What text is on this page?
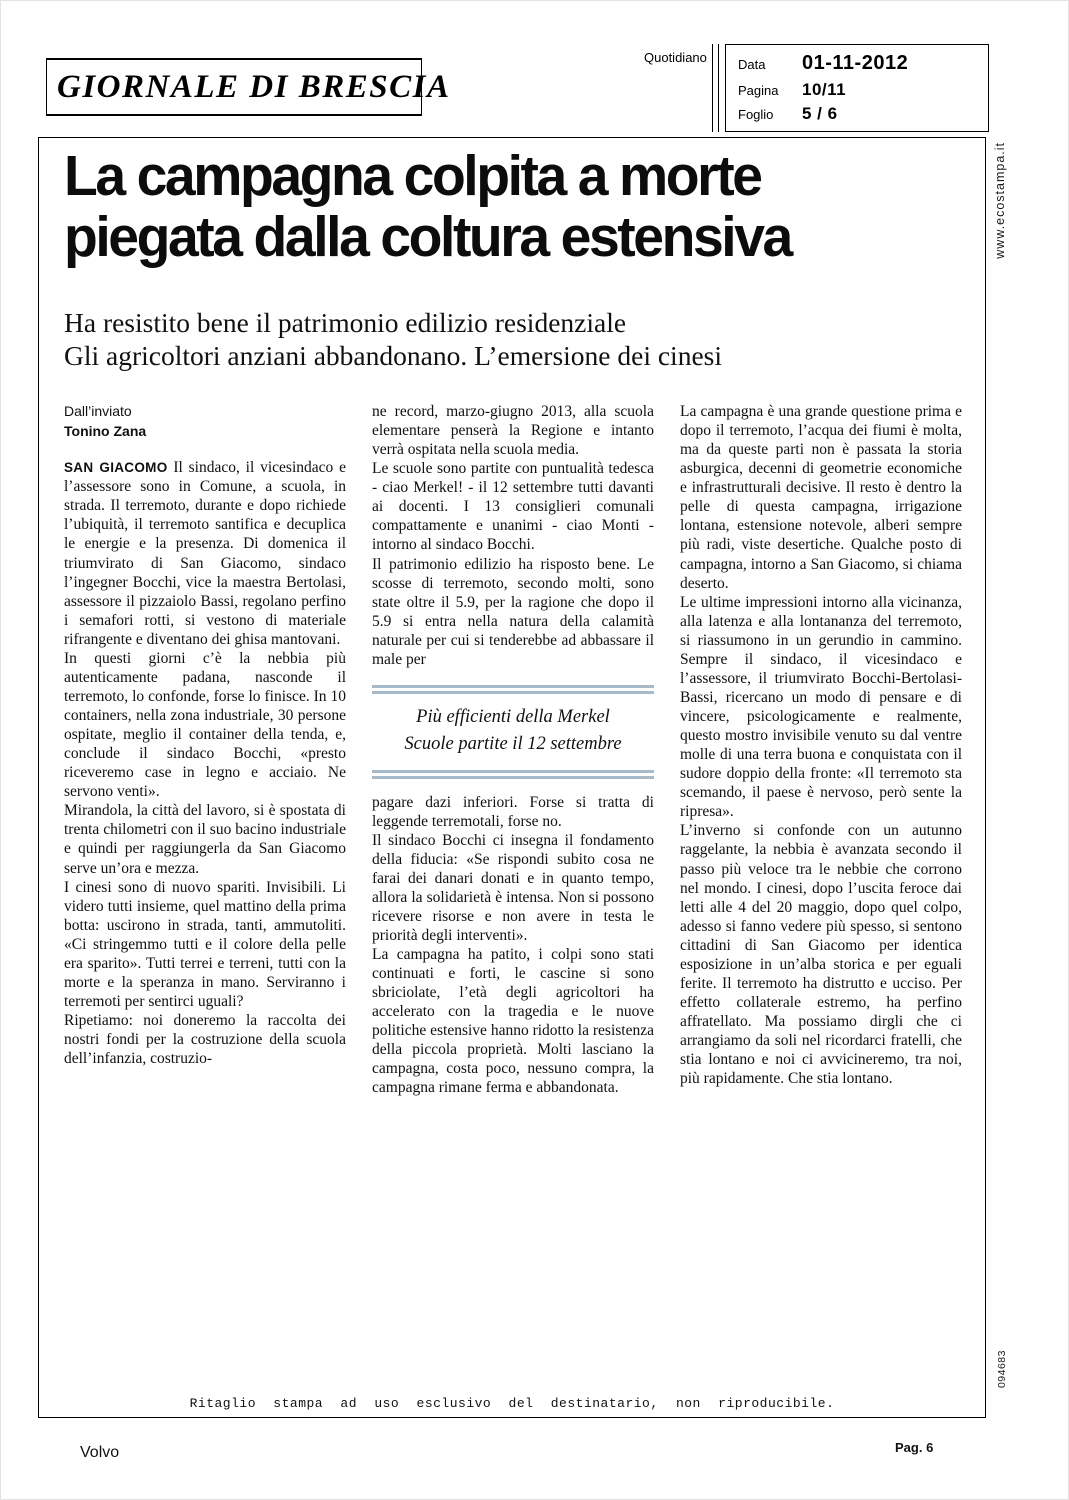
GIORNALE DI BRESCIA
Quotidiano Data	01-11-2012
Pagina	10/11
Foglio	5 / 6
www.ecostampa.it
094683
La campagna colpita a morte
piegata dalla coltura estensiva
Ha resistito bene il patrimonio edilizio residenziale
Gli agricoltori anziani abbandonano. L’emersione dei cinesi
Dall’inviato
Tonino Zana

SAN GIACOMO Il sindaco, il vicesindaco e l’assessore sono in Comune, a scuola, in strada. Il terremoto, durante e dopo richiede l’ubiquità, il terremoto santifica e decuplica le energie e la presenza. Di domenica il triumvirato di San Giacomo, sindaco l’ingegner Bocchi, vice la maestra Bertolasi, assessore il pizzaiolo Bassi, regolano perfino i semafori rotti, si vestono di materiale rifrangente e diventano dei ghisa mantovani.

In questi giorni c’è la nebbia più autenticamente padana, nasconde il terremoto, lo confonde, forse lo finisce. In 10 containers, nella zona industriale, 30 persone ospitate, meglio il container della tenda, e, conclude il sindaco Bocchi, «presto riceveremo case in legno e acciaio. Ne servono venti».

Mirandola, la città del lavoro, si è spostata di trenta chilometri con il suo bacino industriale e quindi per raggiungerla da San Giacomo serve un’ora e mezza.

I cinesi sono di nuovo spariti. Invisibili. Li videro tutti insieme, quel mattino della prima botta: uscirono in strada, tanti, ammutoliti. «Ci stringemmo tutti e il colore della pelle era sparito». Tutti terrei e terreni, tutti con la morte e la speranza in mano. Serviranno i terremoti per sentirci uguali?

Ripetiamo: noi doneremo la raccolta dei nostri fondi per la costruzione della scuola dell’infanzia, costruzio-

ne record, marzo-giugno 2013, alla scuola elementare penserà la Regione e intanto verrà ospitata nella scuola media.

Le scuole sono partite con puntualità tedesca - ciao Merkel! - il 12 settembre tutti davanti ai docenti. I 13 consiglieri comunali compattamente e unanimi - ciao Monti - intorno al sindaco Bocchi.

Il patrimonio edilizio ha risposto bene. Le scosse di terremoto, secondo molti, sono state oltre il 5.9, per la ragione che dopo il 5.9 si entra nella natura della calamità naturale per cui si tenderebbe ad abbassare il male per

Più efficienti della Merkel
Scuole partite il 12 settembre

pagare dazi inferiori. Forse si tratta di leggende terremotali, forse no.

Il sindaco Bocchi ci insegna il fondamento della fiducia: «Se rispondi subito cosa ne farai dei danari donati e in quanto tempo, allora la solidarietà è intensa. Non si possono ricevere risorse e non avere in testa le priorità degli interventi».

La campagna ha patito, i colpi sono stati continuati e forti, le cascine si sono sbriciolate, l’età degli agricoltori ha accelerato con la tragedia e le nuove politiche estensive hanno ridotto la resistenza della piccola proprietà. Molti lasciano la campagna, costa poco, nessuno compra, la campagna rimane ferma e abbandonata.

La campagna è una grande questione prima e dopo il terremoto, l’acqua dei fiumi è molta, ma da queste parti non è passata la storia asburgica, decenni di geometrie economiche e infrastrutturali decisive. Il resto è dentro la pelle di questa campagna, irrigazione lontana, estensione notevole, alberi sempre più radi, viste desertiche. Qualche posto di campagna, intorno a San Giacomo, si chiama deserto.

Le ultime impressioni intorno alla vicinanza, alla latenza e alla lontananza del terremoto, si riassumono in un gerundio in cammino. Sempre il sindaco, il vicesindaco e l’assessore, il triumvirato Bocchi-Bertolasi-Bassi, ricercano un modo di pensare e di vincere, psicologicamente e realmente, questo mostro invisibile venuto su dal ventre molle di una terra buona e conquistata con il sudore doppio della fronte: «Il terremoto sta scemando, il paese è nervoso, però sente la ripresa».

L’inverno si confonde con un autunno raggelante, la nebbia è avanzata secondo il passo più veloce tra le nebbie che corrono nel mondo. I cinesi, dopo l’uscita feroce dai letti alle 4 del 20 maggio, dopo quel colpo, adesso si fanno vedere più spesso, si sentono cittadini di San Giacomo per identica esposizione in un’alba storica e per eguali ferite. Il terremoto ha distrutto e ucciso. Per effetto collaterale estremo, ha perfino affratellato. Ma possiamo dirgli che ci arrangiamo da soli nel ricordarci fratelli, che stia lontano e noi ci avvicineremo, tra noi, più rapidamente. Che stia lontano.

Ritaglio stampa ad uso esclusivo del destinatario, non riproducibile.
Volvo	Pag. 6
